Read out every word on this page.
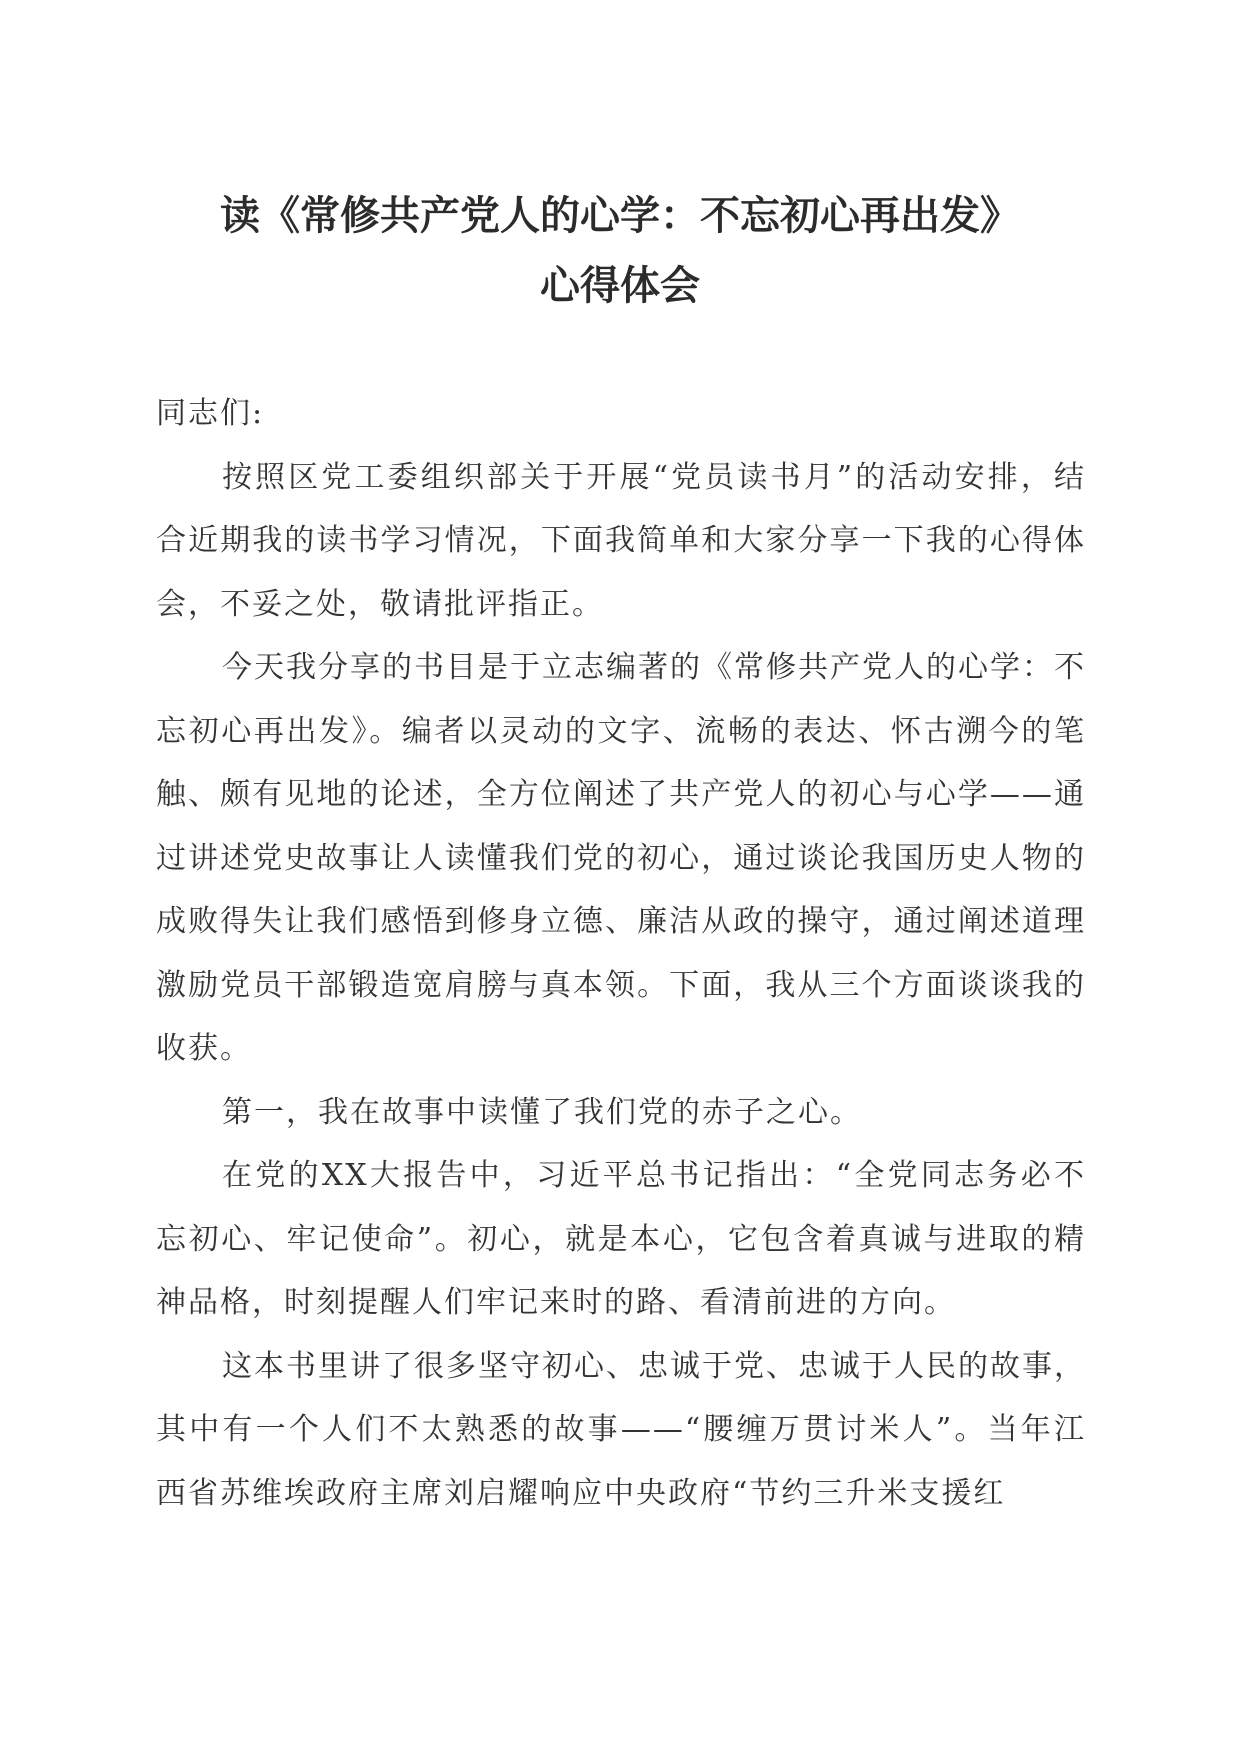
读《常修共产党人的心学：不忘初心再出发》
心得体会

同志们:

按照区党工委组织部关于开展“党员读书月”的活动安排，结合近期我的读书学习情况，下面我简单和大家分享一下我的心得体会，不妥之处，敬请批评指正。

今天我分享的书目是于立志编著的《常修共产党人的心学：不忘初心再出发》。编者以灵动的文字、流畅的表达、怀古溯今的笔触、颇有见地的论述，全方位阐述了共产党人的初心与心学——通过讲述党史故事让人读懂我们党的初心，通过谈论我国历史人物的成败得失让我们感悟到修身立德、廉洁从政的操守，通过阐述道理激励党员干部锻造宽肩膀与真本领。下面，我从三个方面谈谈我的收获。

第一，我在故事中读懂了我们党的赤子之心。

在党的XX大报告中，习近平总书记指出：“全党同志务必不忘初心、牢记使命”。初心，就是本心，它包含着真诚与进取的精神品格，时刻提醒人们牢记来时的路、看清前进的方向。

这本书里讲了很多坚守初心、忠诚于党、忠诚于人民的故事，其中有一个人们不太熟悉的故事——“腰缠万贯讨米人”。当年江西省苏维埃政府主席刘启耀响应中央政府“节约三升米支援红
